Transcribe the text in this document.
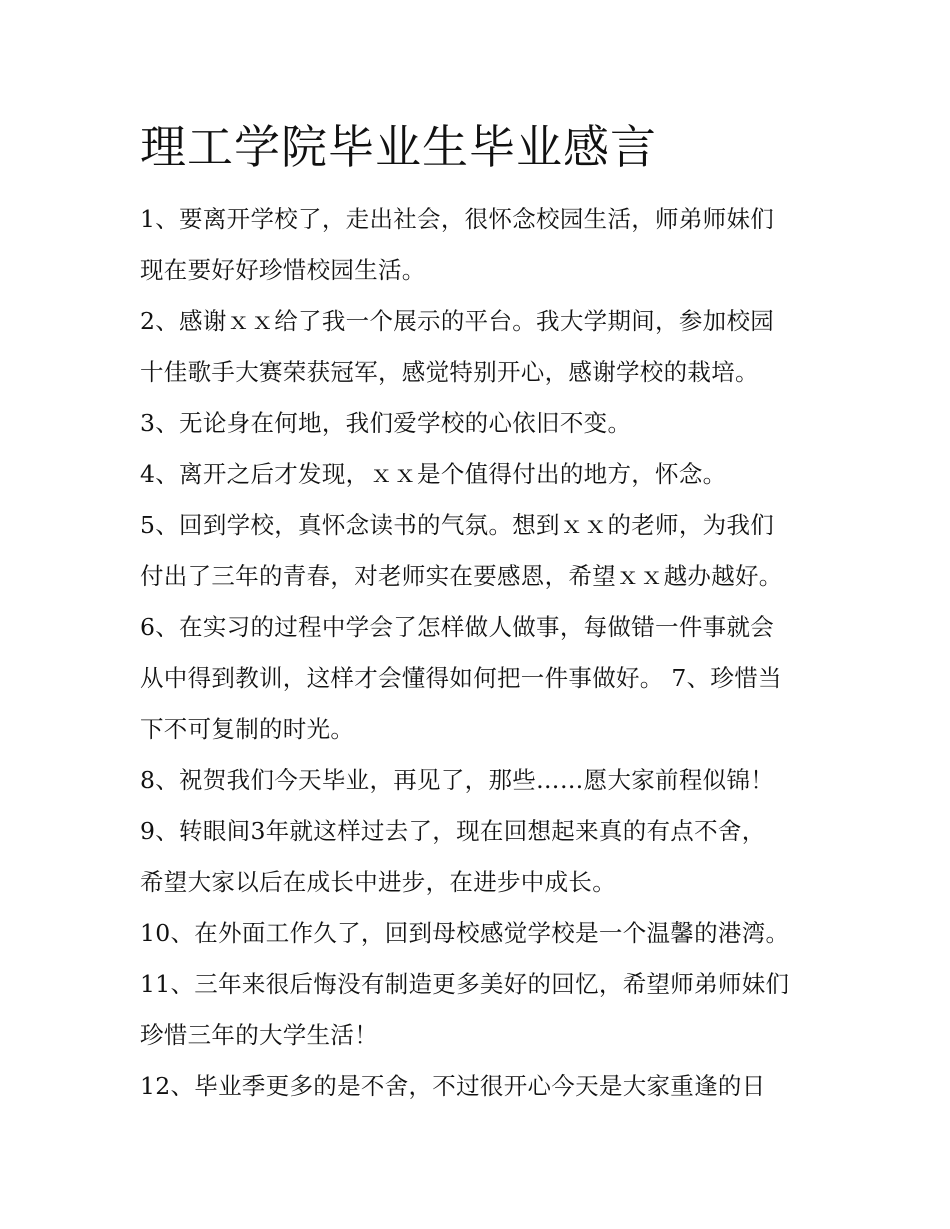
理工学院毕业生毕业感言

1、要离开学校了，走出社会，很怀念校园生活，师弟师妹们

现在要好好珍惜校园生活。

2、感谢ｘｘ给了我一个展示的平台。我大学期间，参加校园

十佳歌手大赛荣获冠军，感觉特别开心，感谢学校的栽培。

3、无论身在何地，我们爱学校的心依旧不变。

4、离开之后才发现，ｘｘ是个值得付出的地方，怀念。

5、回到学校，真怀念读书的气氛。想到ｘｘ的老师，为我们

付出了三年的青春，对老师实在要感恩，希望ｘｘ越办越好。

6、在实习的过程中学会了怎样做人做事，每做错一件事就会

从中得到教训，这样才会懂得如何把一件事做好。 7、珍惜当

下不可复制的时光。

8、祝贺我们今天毕业，再见了，那些……愿大家前程似锦！

9、转眼间3年就这样过去了，现在回想起来真的有点不舍，

希望大家以后在成长中进步，在进步中成长。

10、在外面工作久了，回到母校感觉学校是一个温馨的港湾。

11、三年来很后悔没有制造更多美好的回忆，希望师弟师妹们

珍惜三年的大学生活！

12、毕业季更多的是不舍，不过很开心今天是大家重逢的日
